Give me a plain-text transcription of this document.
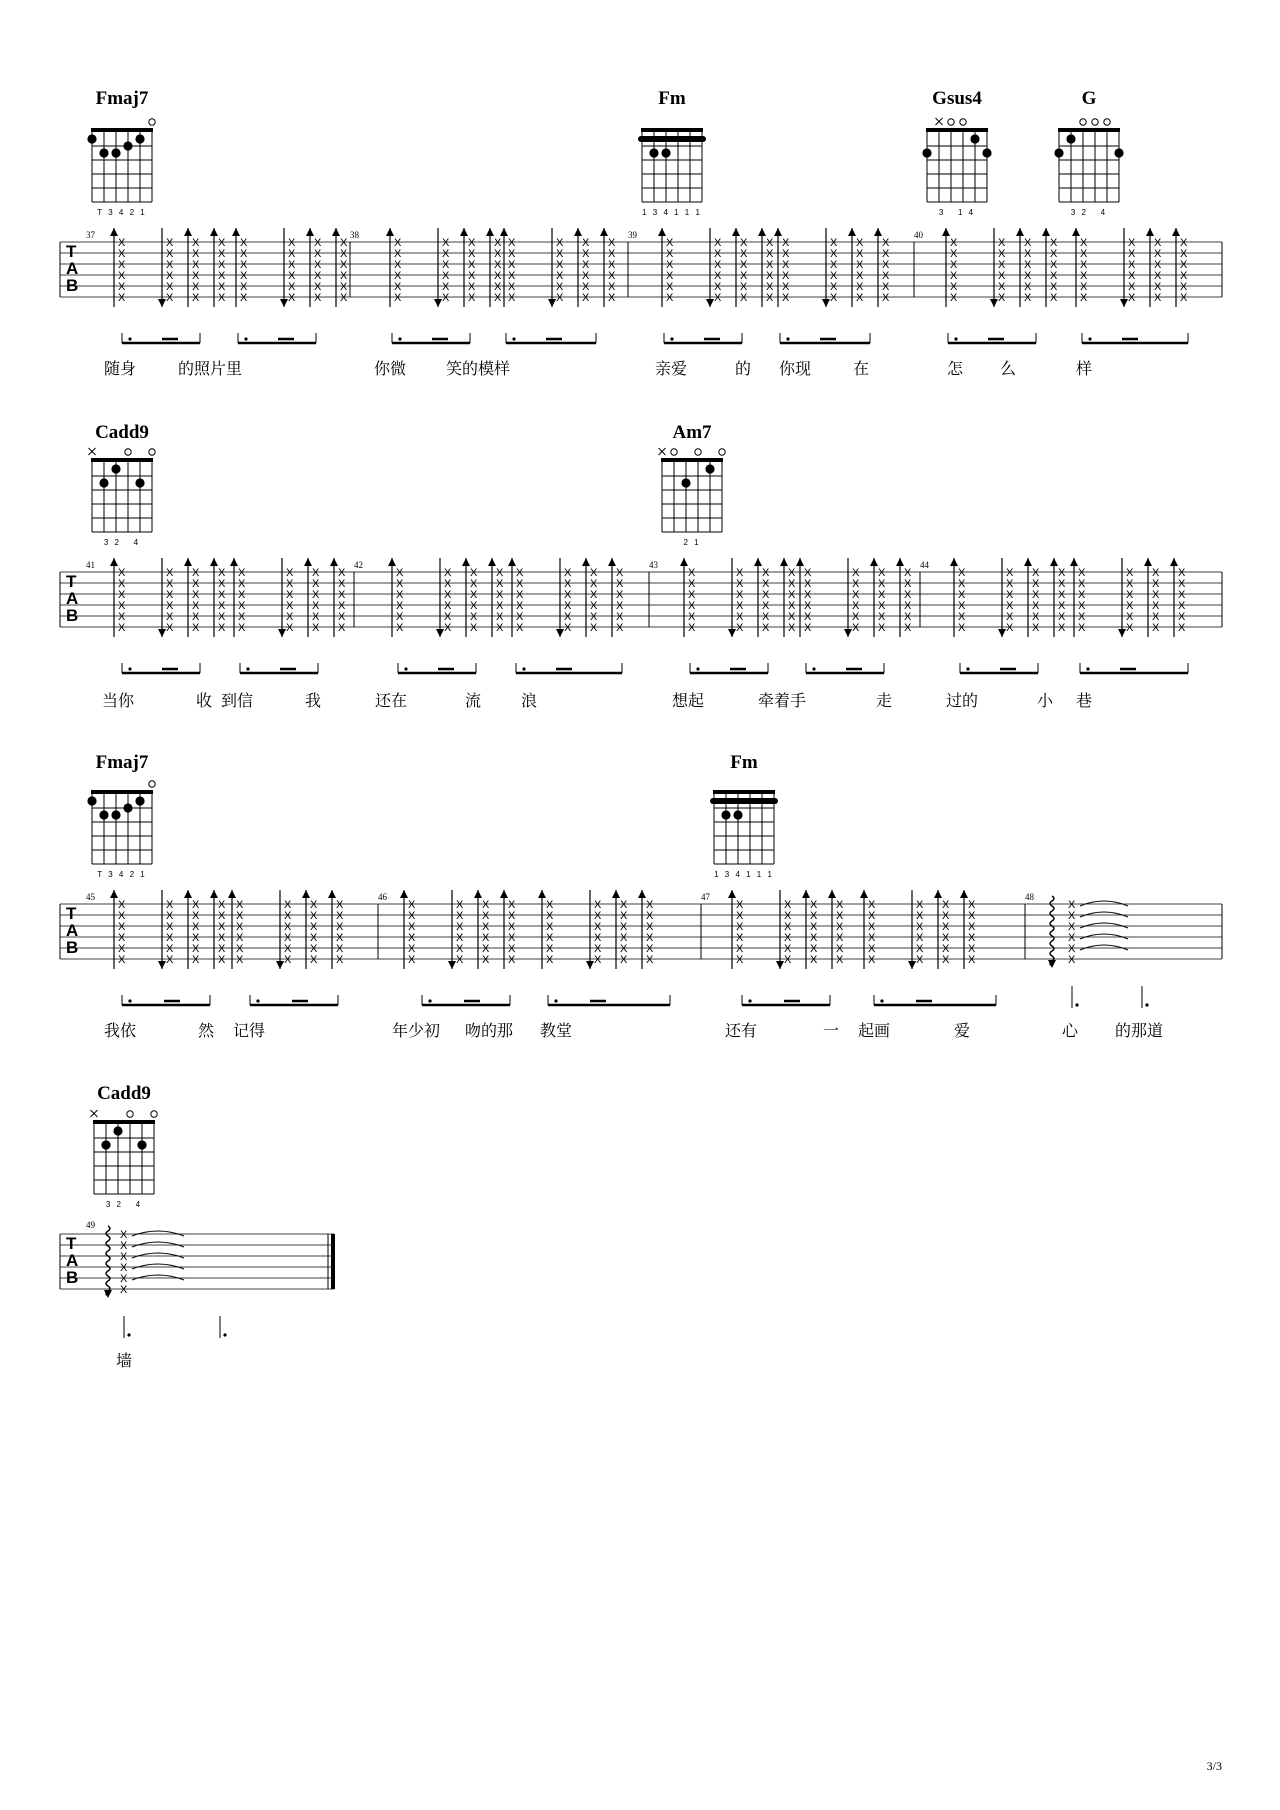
T
A
B
X
X
X
X
X
X
X
X
X
X
X
X
X
X
X
X
X
X
X
X
X
X
X
X
X
X
X
X
X
X
X
X
X
X
X
X
X
X
X
X
X
X
X
X
X
X
X
X
X
X
X
X
X
X
X
X
X
X
X
X
X
X
X
X
X
X
X
X
X
X
X
X
X
X
X
X
X
X
X
X
X
X
X
X
X
X
X
X
X
X
X
X
X
X
X
X
X
X
X
X
X
X
X
X
X
X
X
X
X
X
X
X
X
X
X
X
X
X
X
X
X
X
X
X
X
X
X
X
X
X
X
X
X
X
X
X
X
X
X
X
X
X
X
X
X
X
X
X
X
X
X
X
X
X
X
X
X
X
X
X
X
X
X
X
X
X
X
X
X
X
X
X
X
X
X
X
X
X
X
X
X
X
X
X
X
X
X
X
X
X
X
X
T
A
B
X
X
X
X
X
X
X
X
X
X
X
X
X
X
X
X
X
X
X
X
X
X
X
X
X
X
X
X
X
X
X
X
X
X
X
X
X
X
X
X
X
X
X
X
X
X
X
X
X
X
X
X
X
X
X
X
X
X
X
X
X
X
X
X
X
X
X
X
X
X
X
X
X
X
X
X
X
X
X
X
X
X
X
X
X
X
X
X
X
X
X
X
X
X
X
X
X
X
X
X
X
X
X
X
X
X
X
X
X
X
X
X
X
X
X
X
X
X
X
X
X
X
X
X
X
X
X
X
X
X
X
X
X
X
X
X
X
X
X
X
X
X
X
X
X
X
X
X
X
X
X
X
X
X
X
X
X
X
X
X
X
X
X
X
X
X
X
X
X
X
X
X
X
X
X
X
X
X
X
X
X
X
X
X
X
X
X
X
X
X
X
X
T
A
B
X
X
X
X
X
X
X
X
X
X
X
X
X
X
X
X
X
X
X
X
X
X
X
X
X
X
X
X
X
X
X
X
X
X
X
X
X
X
X
X
X
X
X
X
X
X
X
X
X
X
X
X
X
X
X
X
X
X
X
X
X
X
X
X
X
X
X
X
X
X
X
X
X
X
X
X
X
X
X
X
X
X
X
X
X
X
X
X
X
X
X
X
X
X
X
X
X
X
X
X
X
X
X
X
X
X
X
X
X
X
X
X
X
X
X
X
X
X
X
X
X
X
X
X
X
X
X
X
X
X
X
X
X
X
X
X
X
X
X
X
X
X
X
X
X
X
X
X
X
X
T
A
B
X
X
X
X
X
X
Fmaj7	Fm	Gsus4	G
T 3 4 2 1	1 3 4 1 1 1	3   1 4	3 2   4
37	38	39	40
随身	的照片里	你微 笑的模样	亲爱	的 你现	在	怎 么	样
Cadd9	Am7
3 2   4	2 1
41	42	43	44
当你	收 到信	我	还在	流 浪	想起	牵着手	走	过的	小 巷
Fmaj7	Fm
T 3 4 2 1	1 3 4 1 1 1
45	46	47	48
我依	然 记得	年少初 吻的那 教堂	还有	一 起画	爱	心 的那道
Cadd9
3 2   4
49
墙
3/3
